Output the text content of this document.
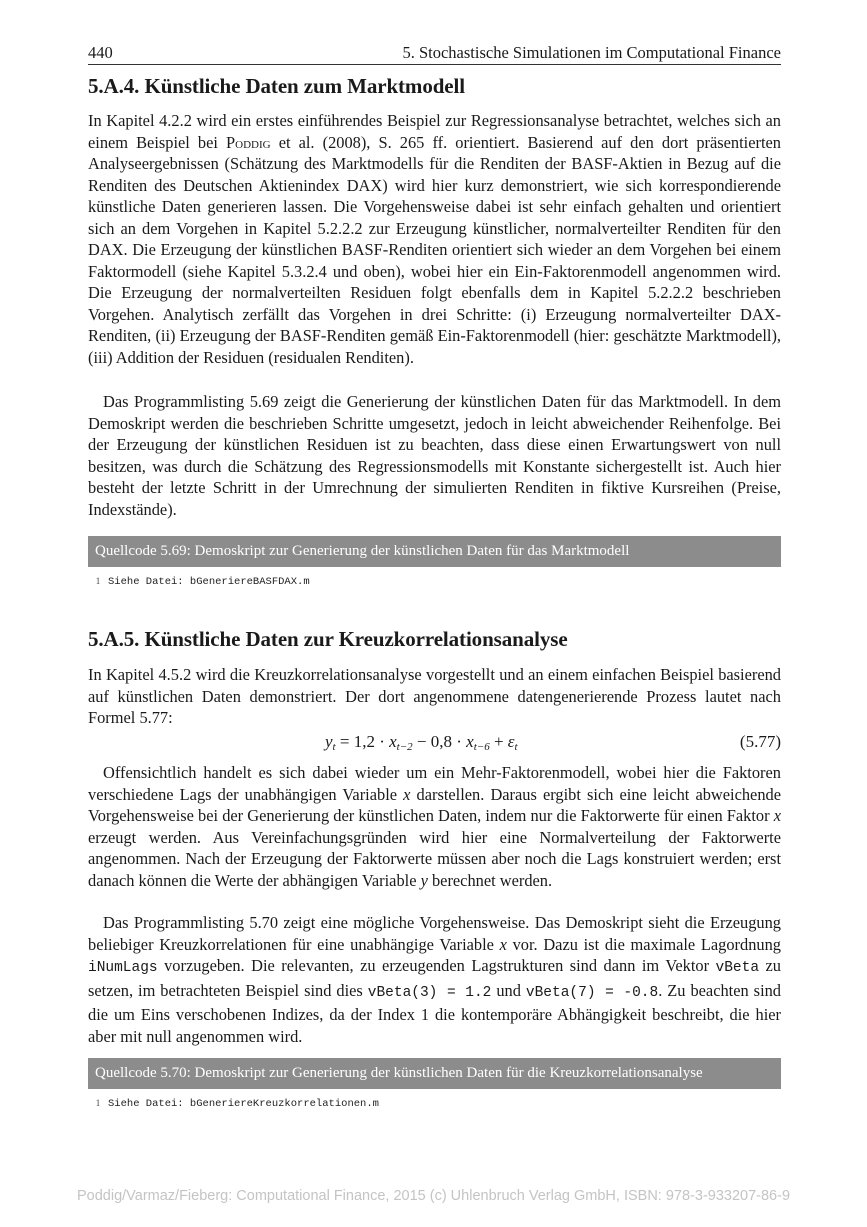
440	5. Stochastische Simulationen im Computational Finance
5.A.4. Künstliche Daten zum Marktmodell

In Kapitel 4.2.2 wird ein erstes einführendes Beispiel zur Regressionsanalyse betrachtet, welches sich an einem Beispiel bei Poddig et al. (2008), S. 265 ff. orientiert. Basierend auf den dort präsentierten Analyseergebnissen (Schätzung des Marktmodells für die Renditen der BASF-Aktien in Bezug auf die Renditen des Deutschen Aktienindex DAX) wird hier kurz demonstriert, wie sich korrespondierende künstliche Daten generieren lassen. Die Vorgehensweise dabei ist sehr einfach gehalten und orientiert sich an dem Vorgehen in Kapitel 5.2.2.2 zur Erzeugung künstlicher, normalverteilter Renditen für den DAX. Die Erzeugung der künstlichen BASF-Renditen orientiert sich wieder an dem Vorgehen bei einem Faktormodell (siehe Kapitel 5.3.2.4 und oben), wobei hier ein Ein-Faktorenmodell angenommen wird. Die Erzeugung der normalverteilten Residuen folgt ebenfalls dem in Kapitel 5.2.2.2 beschrieben Vorgehen. Analytisch zerfällt das Vorgehen in drei Schritte: (i) Erzeugung normalverteilter DAX-Renditen, (ii) Erzeugung der BASF-Renditen gemäß Ein-Faktorenmodell (hier: geschätzte Marktmodell), (iii) Addition der Residuen (residualen Renditen).

Das Programmlisting 5.69 zeigt die Generierung der künstlichen Daten für das Marktmodell. In dem Demoskript werden die beschrieben Schritte umgesetzt, jedoch in leicht abweichender Reihenfolge. Bei der Erzeugung der künstlichen Residuen ist zu beachten, dass diese einen Erwartungswert von null besitzen, was durch die Schätzung des Regressionsmodells mit Konstante sichergestellt ist. Auch hier besteht der letzte Schritt in der Umrechnung der simulierten Renditen in fiktive Kursreihen (Preise, Indexstände).

Quellcode 5.69: Demoskript zur Generierung der künstlichen Daten für das Marktmodell
1 Siehe Datei: bGeneriereBASFDAX.m
5.A.5. Künstliche Daten zur Kreuzkorrelationsanalyse

In Kapitel 4.5.2 wird die Kreuzkorrelationsanalyse vorgestellt und an einem einfachen Beispiel basierend auf künstlichen Daten demonstriert. Der dort angenommene datengenerierende Prozess lautet nach Formel 5.77:

$y_t = 1,2 \cdot x_{t-2} - 0,8 \cdot x_{t-6} + \varepsilon_t$	(5.77)

Offensichtlich handelt es sich dabei wieder um ein Mehr-Faktorenmodell, wobei hier die Faktoren verschiedene Lags der unabhängigen Variable x darstellen. Daraus ergibt sich eine leicht abweichende Vorgehensweise bei der Generierung der künstlichen Daten, indem nur die Faktorwerte für einen Faktor x erzeugt werden. Aus Vereinfachungsgründen wird hier eine Normalverteilung der Faktorwerte angenommen. Nach der Erzeugung der Faktorwerte müssen aber noch die Lags konstruiert werden; erst danach können die Werte der abhängigen Variable y berechnet werden.

Das Programmlisting 5.70 zeigt eine mögliche Vorgehensweise. Das Demoskript sieht die Erzeugung beliebiger Kreuzkorrelationen für eine unabhängige Variable x vor. Dazu ist die maximale Lagordnung iNumLags vorzugeben. Die relevanten, zu erzeugenden Lagstrukturen sind dann im Vektor vBeta zu setzen, im betrachteten Beispiel sind dies vBeta(3) = 1.2 und vBeta(7) = -0.8. Zu beachten sind die um Eins verschobenen Indizes, da der Index 1 die kontemporäre Abhängigkeit beschreibt, die hier aber mit null angenommen wird.

Quellcode 5.70: Demoskript zur Generierung der künstlichen Daten für die Kreuzkorrelationsanalyse
1 Siehe Datei: bGeneriereKreuzkorrelationen.m
Poddig/Varmaz/Fieberg: Computational Finance, 2015 (c) Uhlenbruch Verlag GmbH, ISBN: 978-3-933207-86-9
